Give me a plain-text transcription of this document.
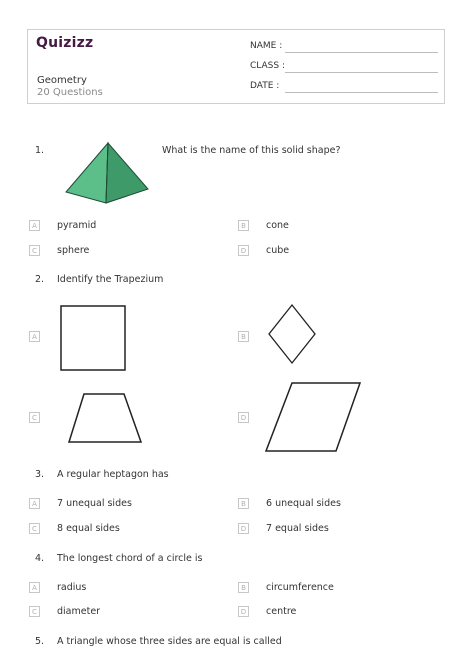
Quizizz
Geometry
20 Questions
NAME :
CLASS :
DATE :
1.	What is the name of this solid shape?
A	pyramid	B	cone
C	sphere	D cube
2. Identify the Trapezium
A	B
C	D
3. A regular heptagon has
A	7 unequal sides	B	6 unequal sides
C	8 equal sides	D 7 equal sides
4. The longest chord of a circle is
A	radius	B	circumference
C	diameter	D centre
5. A triangle whose three sides are equal is called
